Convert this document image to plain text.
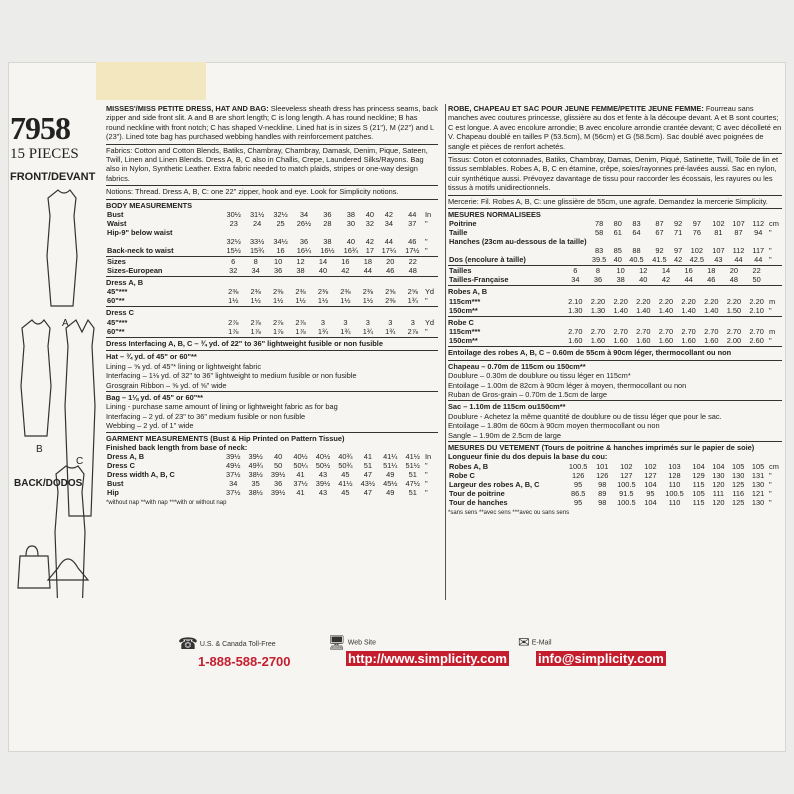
7958
15 PIECES
FRONT/DEVANT
A
B
C
BACK/DODOS

MISSES'/MISS PETITE DRESS, HAT AND BAG: Sleeveless sheath dress has princess seams, back zipper and side front slit. A and B are short length; C is long length. A has round neckline; B has round neckline with front notch; C has shaped V-neckline. Lined hat is in sizes S (21"), M (22") and L (23"). Lined tote bag has purchased webbing handles with reinforcement patches.

Fabrics: Cotton and Cotton Blends, Batiks, Chambray, Chambray, Damask, Denim, Pique, Sateen, Twill, Linen and Linen Blends. Dress A, B, C also in Challis, Crepe, Laundered Silks/Rayons. Bag also in Nylon, Synthetic Leather. Extra fabric needed to match plaids, stripes or one-way design fabrics.

Notions: Thread. Dress A, B, C: one 22" zipper, hook and eye. Look for Simplicity notions.

BODY MEASUREMENTS
Bust	30½	31½	32½	34	36	38	40	42	44	In
Waist	23	24	25	26½	28	30	32	34	37	"
Hip-9" below waist										
	32½	33½	34½	36	38	40	42	44	46	"
Back-neck to waist	15½	15¾	16	16¼	16½	16¾	17	17¼	17½	"
Sizes	6	8	10	12	14	16	18	20	22	
Sizes-European	32	34	36	38	40	42	44	46	48	
Dress A, B
45"***	2⅜	2⅜	2⅜	2⅜	2⅜	2⅜	2⅜	2⅝	2⅝	Yd
60"**	1½	1½	1½	1½	1½	1½	1½	2⅜	1¾	"
Dress C
45"***	2⅞	2⅞	2⅞	2⅞	3	3	3	3	3	Yd
60"**	1⅞	1⅞	1⅞	1⅞	1¾	1¾	1¾	1¾	2⅞	"

Dress Interfacing A, B, C – ¾ yd. of 22" to 36" lightweight fusible or non fusible

Hat – ¾ yd. of 45" or 60"**
Lining – ⅝ yd. of 45"* lining or lightweight fabric
Interfacing – 1⅛ yd. of 32" to 36" lightweight to medium fusible or non fusible
Grosgrain Ribbon – ⅝ yd. of ⅝" wide
Bag – 1⅛ yd. of 45" or 60"**
Lining - purchase same amount of lining or lightweight fabric as for bag
Interfacing – 2 yd. of 23" to 36" medium fusible or non fusible
Webbing – 2 yd. of 1" wide
GARMENT MEASUREMENTS (Bust & Hip Printed on Pattern Tissue)
Finished back length from base of neck:
Dress A, B	39½	39½	40	40½	40½	40¾	41	41¼	41½	In
Dress C	49½	49¾	50	50¼	50½	50¾	51	51¼	51½	"
Dress width A, B, C	37½	38½	39½	41	43	45	47	49	51	"
Bust	34	35	36	37½	39½	41½	43½	45½	47½	"
Hip	37½	38½	39½	41	43	45	47	49	51	"
*without nap **with nap ***with or without nap

ROBE, CHAPEAU ET SAC POUR JEUNE FEMME/PETITE JEUNE FEMME: Fourreau sans manches avec coutures princesse, glissière au dos et fente à la découpe devant. A et B sont courtes; C est longue. A avec encolure arrondie; B avec encolure arrondie crantée devant; C avec décolleté en V. Chapeau doublé en tailles P (53.5cm), M (56cm) et G (58.5cm). Sac doublé avec poignées de sangle et pièces de renfort achetés.

Tissus: Coton et cotonnades, Batiks, Chambray, Damas, Denim, Piqué, Satinette, Twill, Toile de lin et tissus semblables. Robes A, B, C en étamine, crêpe, soies/rayonnes pré-lavées aussi. Sac en nylon, cuir synthétique aussi. Prévoyez davantage de tissu pour raccorder les écossais, les rayures ou les tissus à motifs unidirectionnels.

Mercerie: Fil. Robes A, B, C: une glissière de 55cm, une agrafe. Demandez la mercerie Simplicity.

MESURES NORMALISEES
Poitrine	78	80	83	87	92	97	102	107	112	cm
Taille	58	61	64	67	71	76	81	87	94	"
Hanches (23cm au-dessous de la taille)										
	83	85	88	92	97	102	107	112	117	"
Dos (encolure à taille)	39.5	40	40.5	41.5	42	42.5	43	44	44	"
Tailles	6	8	10	12	14	16	18	20	22	
Tailles-Française	34	36	38	40	42	44	46	48	50	
Robes A, B
115cm***	2.10	2.20	2.20	2.20	2.20	2.20	2.20	2.20	2.20	m
150cm**	1.30	1.30	1.40	1.40	1.40	1.40	1.40	1.50	2.10	"
Robe C
115cm***	2.70	2.70	2.70	2.70	2.70	2.70	2.70	2.70	2.70	m
150cm**	1.60	1.60	1.60	1.60	1.60	1.60	1.60	2.00	2.60	"

Entoilage des robes A, B, C – 0.60m de 55cm à 90cm léger, thermocollant ou non

Chapeau – 0.70m de 115cm ou 150cm**
Doublure – 0.30m de doublure ou tissu léger en 115cm*
Entoilage – 1.00m de 82cm à 90cm léger à moyen, thermocollant ou non
Ruban de Gros-grain – 0.70m de 1.5cm de large
Sac – 1.10m de 115cm ou150cm**
Doublure - Achetez la même quantité de doublure ou de tissu léger que pour le sac.
Entoilage – 1.80m de 60cm à 90cm moyen thermocollant ou non
Sangle – 1.90m de 2.5cm de large
MESURES DU VETEMENT (Tours de poitrine & hanches imprimés sur le papier de soie)
Longueur finie du dos depuis la base du cou:
Robes A, B	100.5	101	102	102	103	104	104	105	105	cm
Robe C	126	126	127	127	128	129	130	130	131	"
Largeur des robes A, B, C	95	98	100.5	104	110	115	120	125	130	"
Tour de poitrine	86.5	89	91.5	95	100.5	105	111	116	121	"
Tour de hanches	95	98	100.5	104	110	115	120	125	130	"
*sans sens **avec sens ***avec ou sans sens
☎ U.S. & Canada Toll-Free
1-888-588-2700
🖥 Web Site
http://www.simplicity.com
✉ E-Mail
info@simplicity.com
